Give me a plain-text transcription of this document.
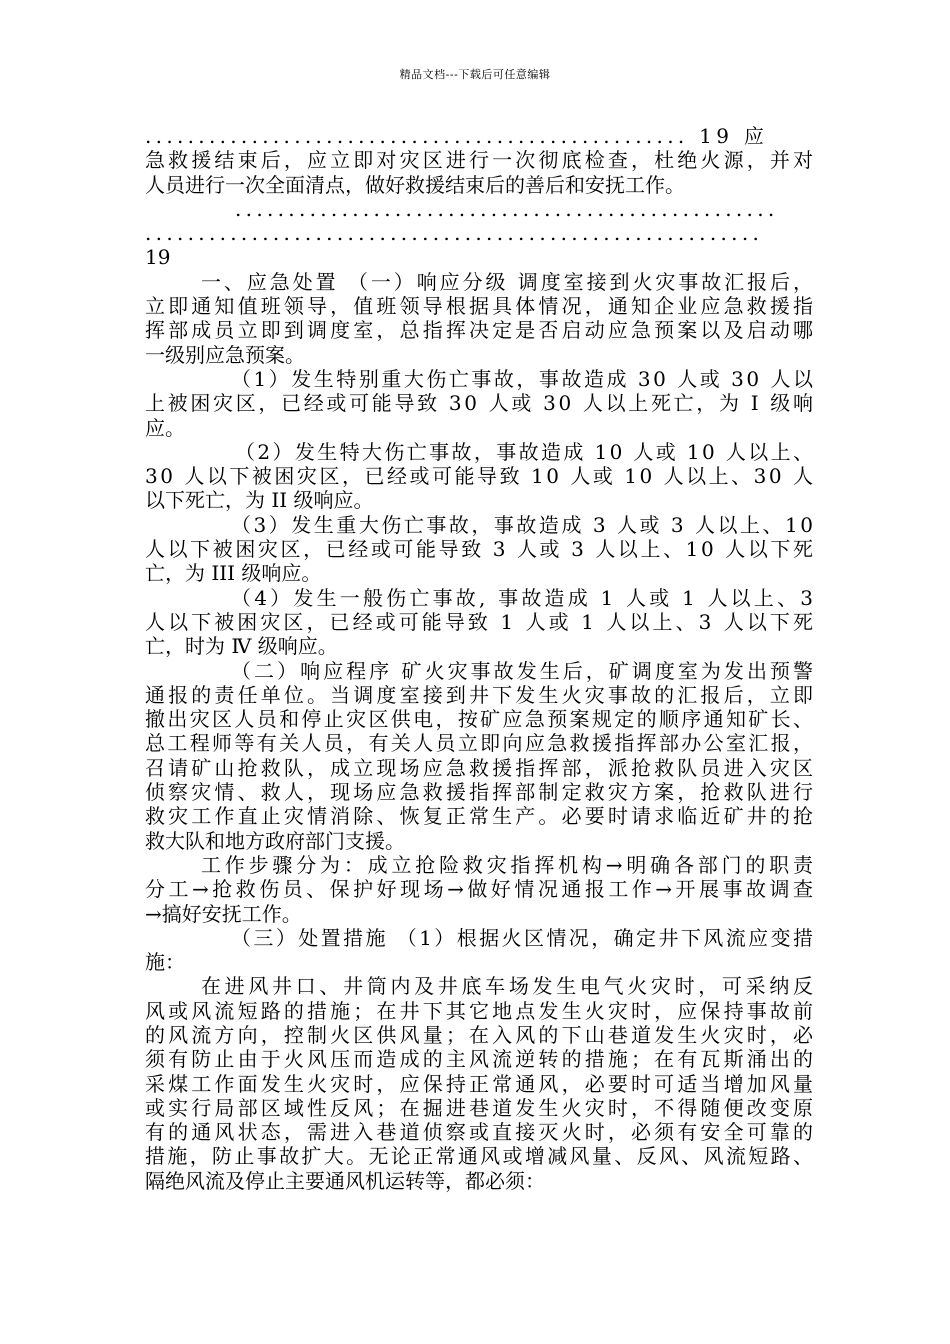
精品文档---下载后可任意编辑
................................................... 19 应
急救援结束后，应立即对灾区进行一次彻底检查，杜绝火源，并对
人员进行一次全面清点，做好救援结束后的善后和安抚工作。
...................................................
..........................................................
19
一、应急处置 （一）响应分级 调度室接到火灾事故汇报后，
立即通知值班领导，值班领导根据具体情况，通知企业应急救援指
挥部成员立即到调度室，总指挥决定是否启动应急预案以及启动哪
一级别应急预案。
（1）发生特别重大伤亡事故，事故造成 30 人或 30 人以
上被困灾区，已经或可能导致 30 人或 30 人以上死亡，为 I 级响
应。
（2）发生特大伤亡事故，事故造成 10 人或 10 人以上、
30 人以下被困灾区，已经或可能导致 10 人或 10 人以上、30 人
以下死亡，为 II 级响应。
（3）发生重大伤亡事故，事故造成 3 人或 3 人以上、10
人以下被困灾区，已经或可能导致 3 人或 3 人以上、10 人以下死
亡，为 III 级响应。
（4）发生一般伤亡事故, 事故造成 1 人或 1 人以上、3
人以下被困灾区，已经或可能导致 1 人或 1 人以上、3 人以下死
亡，时为 Ⅳ 级响应。
（二）响应程序 矿火灾事故发生后，矿调度室为发出预警
通报的责任单位。当调度室接到井下发生火灾事故的汇报后，立即
撤出灾区人员和停止灾区供电，按矿应急预案规定的顺序通知矿长、
总工程师等有关人员，有关人员立即向应急救援指挥部办公室汇报，
召请矿山抢救队，成立现场应急救援指挥部，派抢救队员进入灾区
侦察灾情、救人，现场应急救援指挥部制定救灾方案，抢救队进行
救灾工作直止灾情消除、恢复正常生产。必要时请求临近矿井的抢
救大队和地方政府部门支援。
工作步骤分为：成立抢险救灾指挥机构→明确各部门的职责
分工→抢救伤员、保护好现场→做好情况通报工作→开展事故调查
→搞好安抚工作。
（三）处置措施 （1）根据火区情况，确定井下风流应变措
施：
在进风井口、井筒内及井底车场发生电气火灾时，可采纳反
风或风流短路的措施；在井下其它地点发生火灾时，应保持事故前
的风流方向，控制火区供风量；在入风的下山巷道发生火灾时，必
须有防止由于火风压而造成的主风流逆转的措施；在有瓦斯涌出的
采煤工作面发生火灾时，应保持正常通风，必要时可适当增加风量
或实行局部区域性反风；在掘进巷道发生火灾时，不得随便改变原
有的通风状态，需进入巷道侦察或直接灭火时，必须有安全可靠的
措施，防止事故扩大。无论正常通风或增减风量、反风、风流短路、
隔绝风流及停止主要通风机运转等，都必须：
